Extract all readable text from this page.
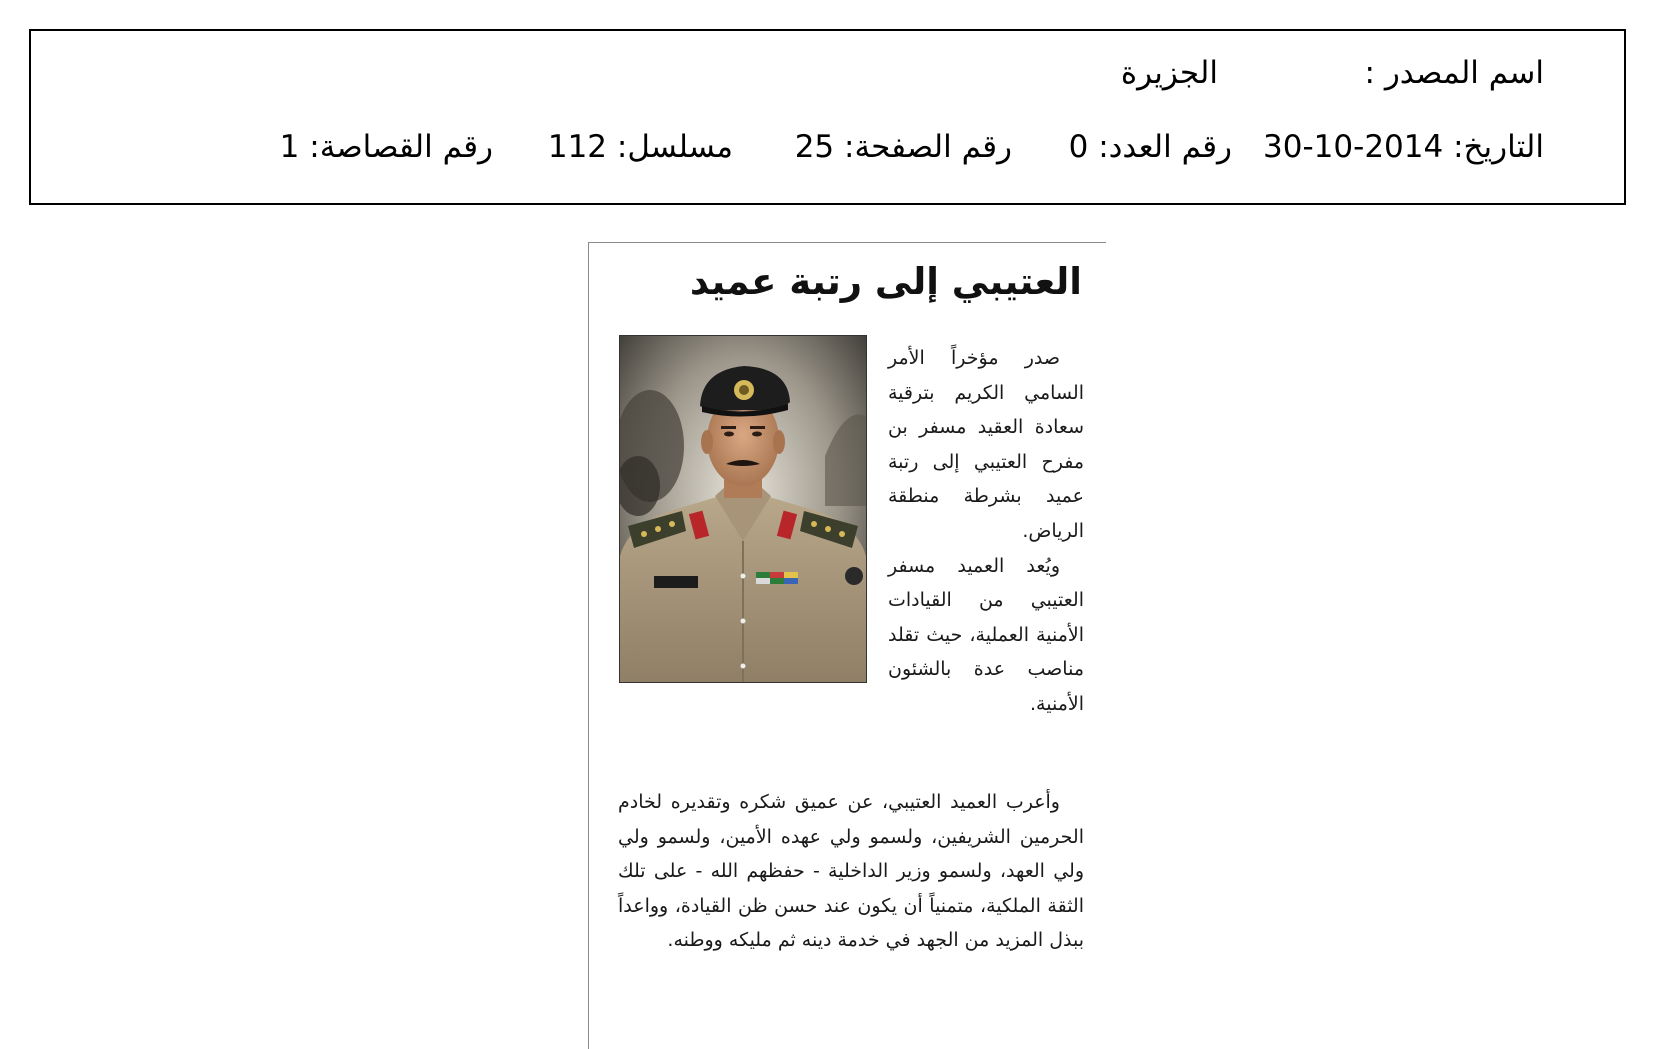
اسم المصدر :
الجزيرة
التاريخ: 2014-10-30
رقم العدد: 0
رقم الصفحة: 25
مسلسل: 112
رقم القصاصة: 1
العتيبي إلى رتبة عميد

صدر مؤخراً الأمر السامي الكريم بترقية سعادة العقيد مسفر بن مفرح العتيبي إلى رتبة عميد بشرطة منطقة الرياض.

ويُعد العميد مسفر العتيبي من القيادات الأمنية العملية، حيث تقلد مناصب عدة بالشئون الأمنية.

وأعرب العميد العتيبي، عن عميق شكره وتقديره لخادم الحرمين الشريفين، ولسمو ولي عهده الأمين، ولسمو ولي ولي العهد، ولسمو وزير الداخلية - حفظهم الله - على تلك الثقة الملكية، متمنياً أن يكون عند حسن ظن القيادة، وواعداً ببذل المزيد من الجهد في خدمة دينه ثم مليكه ووطنه.
